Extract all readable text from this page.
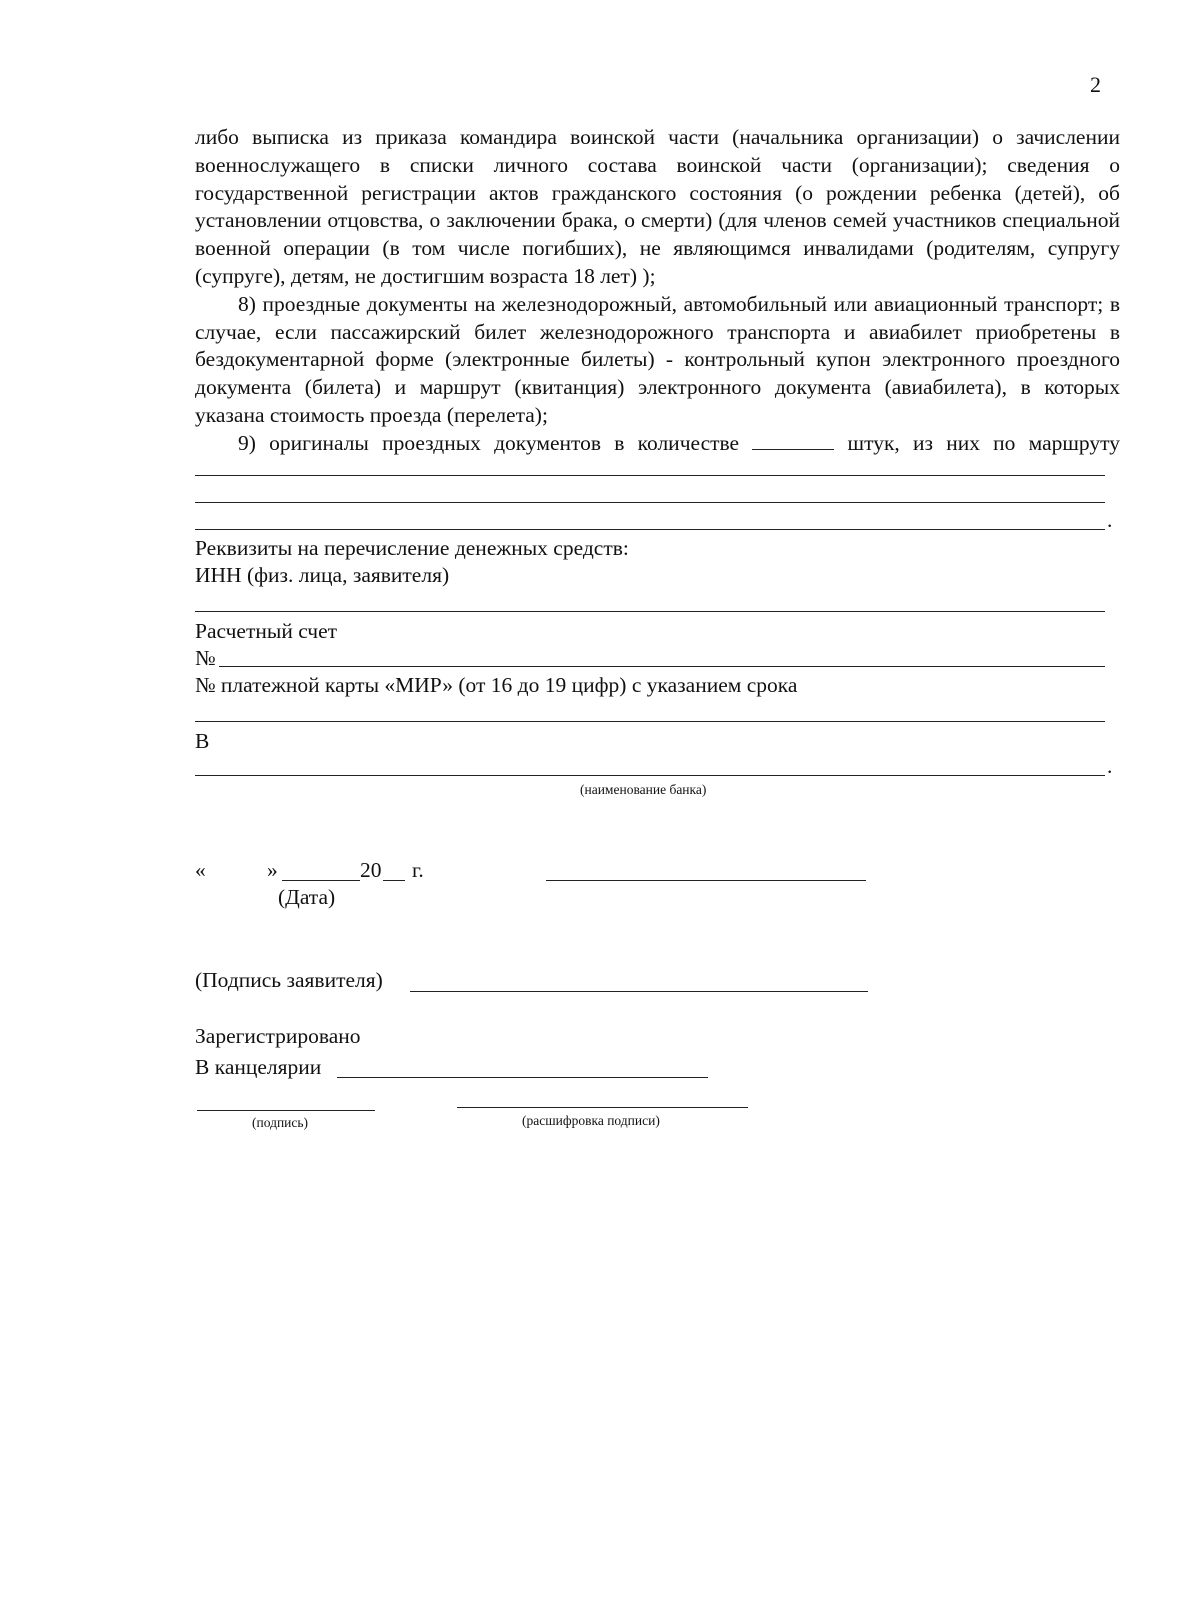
2

либо выписка из приказа командира воинской части (начальника организации) о зачислении военнослужащего в списки личного состава воинской части (организации); сведения о государственной регистрации актов гражданского состояния (о рождении ребенка (детей), об установлении отцовства, о заключении брака, о смерти) (для членов семей участников специальной военной операции (в том числе погибших), не являющимся инвалидами (родителям, супругу (супруге), детям, не достигшим возраста 18 лет) );

8) проездные документы на железнодорожный, автомобильный или авиационный транспорт; в случае, если пассажирский билет железнодорожного транспорта и авиабилет приобретены в бездокументарной форме (электронные билеты) - контрольный купон электронного проездного документа (билета) и маршрут (квитанция) электронного документа (авиабилета), в которых указана стоимость проезда (перелета);

9) оригиналы проездных документов в количестве	штук, из них по маршруту

.
Реквизиты на перечисление денежных средств:
ИНН (физ. лица, заявителя)
Расчетный счет
№
№ платежной карты «МИР» (от 16 до 19 цифр) с указанием срока
В
.
(наименование банка)
«	»	20 г.
(Дата)
(Подпись заявителя)
Зарегистрировано
В канцелярии
(подпись)	(расшифровка подписи)
